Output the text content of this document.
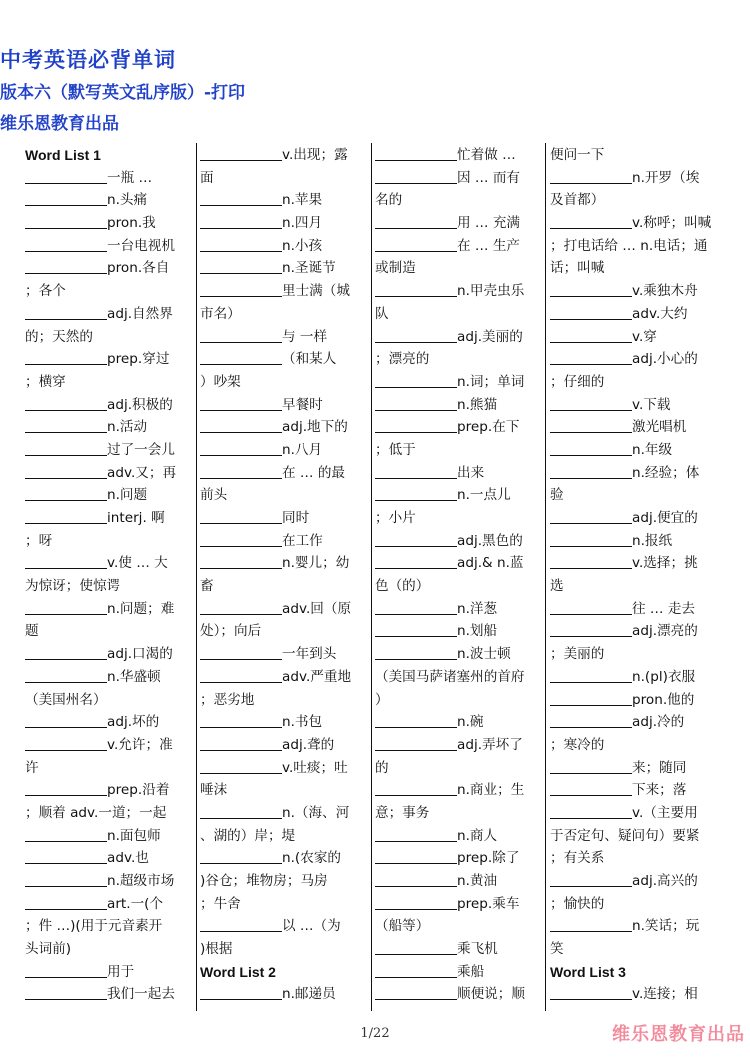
中考英语必背单词
版本六（默写英文乱序版）-打印
维乐恩教育出品
Word List 1
一瓶 …
n.头痛
pron.我
一台电视机
pron.各自
；各个
adj.自然界
的；天然的
prep.穿过
；横穿
adj.积极的
n.活动
过了一会儿
adv.又；再
n.问题
interj. 啊
；呀
v.使 … 大
为惊讶；使惊谔
n.问题；难
题
adj.口渴的
n.华盛顿
（美国州名）
adj.坏的
v.允许；准
许
prep.沿着
；顺着 adv.一道；一起
n.面包师
adv.也
n.超级市场
art.一(个
；件 …)(用于元音素开
头词前)
用于
我们一起去
v.出现；露
面
n.苹果
n.四月
n.小孩
n.圣诞节
里士满（城
市名）
与 一样
（和某人
）吵架
早餐时
adj.地下的
n.八月
在 … 的最
前头
同时
在工作
n.婴儿；幼
畜
adv.回（原
处）；向后
一年到头
adv.严重地
；恶劣地
n.书包
adj.聋的
v.吐痰；吐
唾沫
n.（海、河
、湖的）岸；堤
n.(农家的
)谷仓；堆物房；马房
；牛舍
以 …（为
)根据
Word List 2
n.邮递员
忙着做 …
因 … 而有
名的
用 … 充满
在 … 生产
或制造
n.甲壳虫乐
队
adj.美丽的
；漂亮的
n.词；单词
n.熊猫
prep.在下
；低于
出来
n.一点儿
；小片
adj.黑色的
adj.& n.蓝
色（的）
n.洋葱
n.划船
n.波士顿
（美国马萨诸塞州的首府
）
n.碗
adj.弄坏了
的
n.商业；生
意；事务
n.商人
prep.除了
n.黄油
prep.乘车
（船等）
乘飞机
乘船
顺便说；顺
便问一下
n.开罗（埃
及首都）
v.称呼；叫喊
；打电话给 … n.电话；通
话；叫喊
v.乘独木舟
adv.大约
v.穿
adj.小心的
；仔细的
v.下载
激光唱机
n.年级
n.经验；体
验
adj.便宜的
n.报纸
v.选择；挑
选
往 … 走去
adj.漂亮的
；美丽的
n.(pl)衣服
pron.他的
adj.冷的
；寒冷的
来；随同
下来；落
v.（主要用
于否定句、疑问句）要紧
；有关系
adj.高兴的
；愉快的
n.笑话；玩
笑
Word List 3
v.连接；相
1/22	维乐恩教育出品
